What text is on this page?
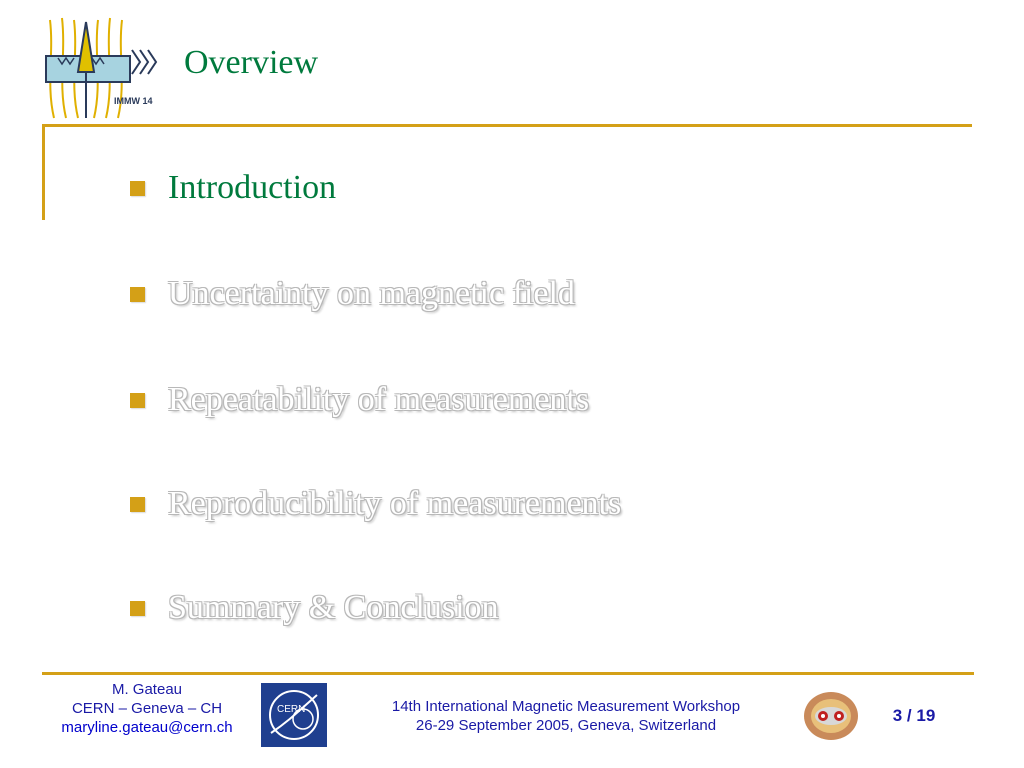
IMMW 14
Overview
Introduction
Uncertainty on magnetic field
Repeatability of measurements
Reproducibility of measurements
Summary & Conclusion
M. Gateau
CERN – Geneva – CH
maryline.gateau@cern.ch
CERN	14th International Magnetic Measurement Workshop
26-29 September 2005, Geneva, Switzerland
3 / 19
